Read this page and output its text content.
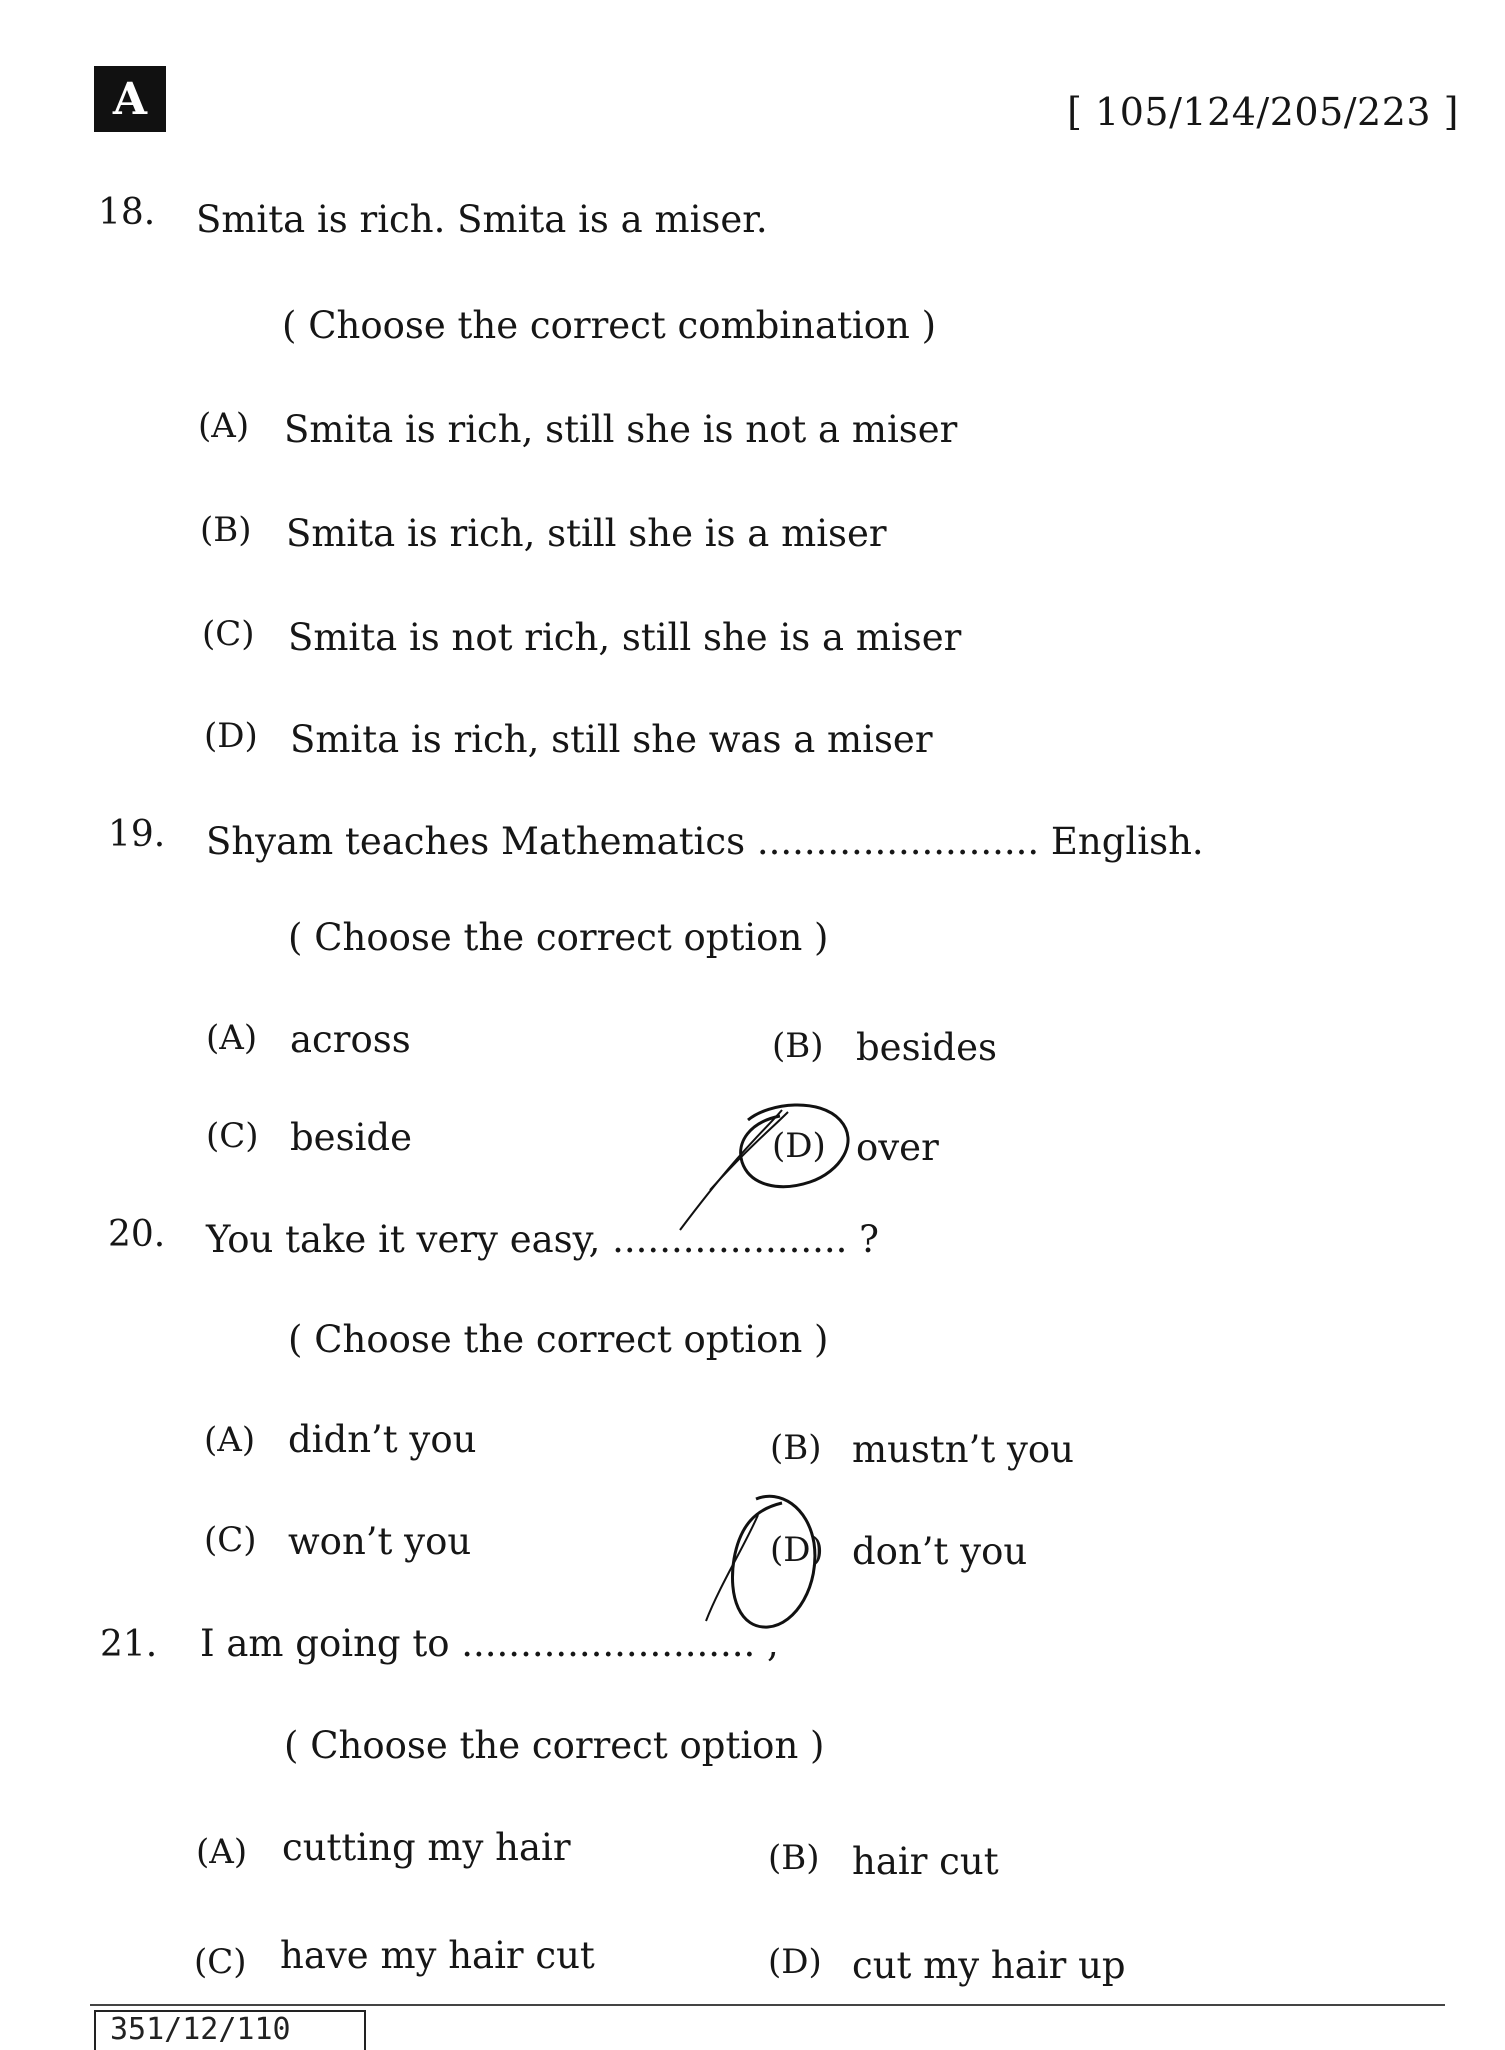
A	[ 105/124/205/223 ]
18. Smita is rich. Smita is a miser.
( Choose the correct combination )
(A) Smita is rich, still she is not a miser
(B) Smita is rich, still she is a miser
(C) Smita is not rich, still she is a miser
(D) Smita is rich, still she was a miser
19. Shyam teaches Mathematics ........................ English.
( Choose the correct option )
(A) across	(B) besides
(C) beside	(D) over
20. You take it very easy, .................... ?
( Choose the correct option )
(A) didn’t you	(B) mustn’t you
(C) won’t you	(D) don’t you
21. I am going to ......................... ,
( Choose the correct option )
(A) cutting my hair	(B) hair cut
(C) have my hair cut	(D) cut my hair up
351/12/110
